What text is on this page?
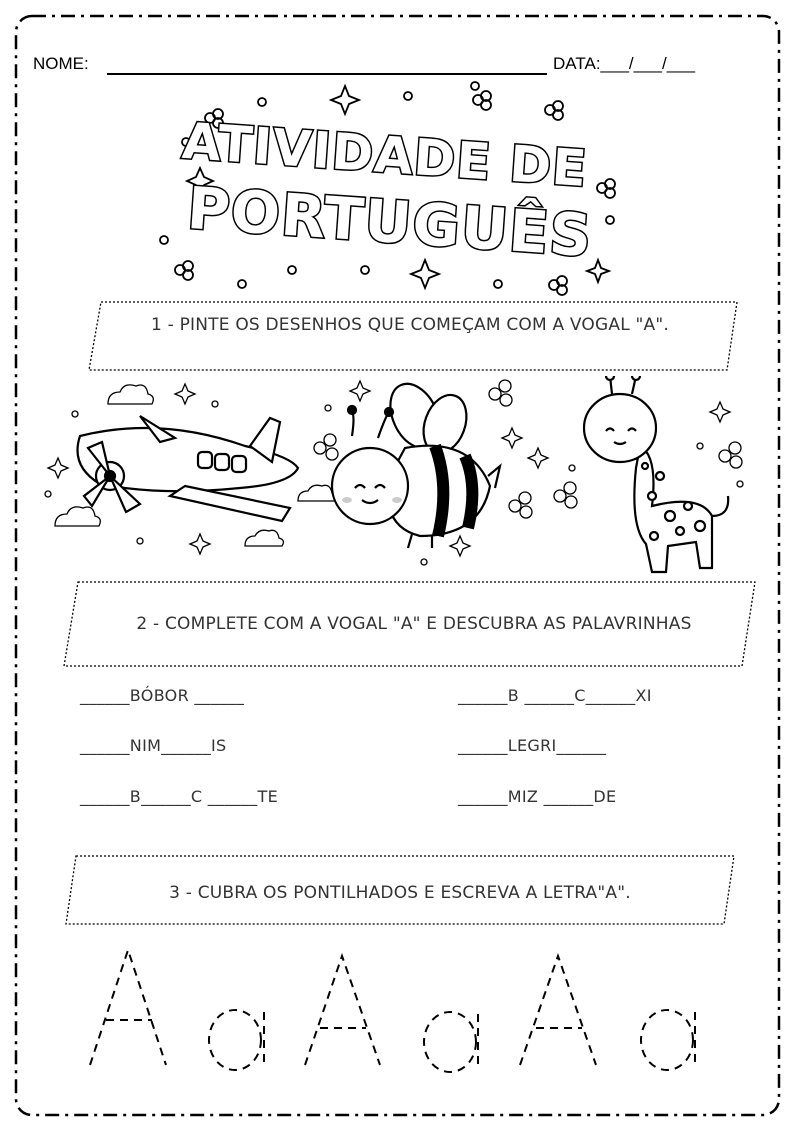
NOME:	DATA:___/___/___
ATIVIDADE DE
PORTUGUÊS
1 - PINTE OS DESENHOS QUE COMEÇAM COM A VOGAL "A".
2 - COMPLETE COM A VOGAL "A" E DESCUBRA AS PALAVRINHAS
______BÓBOR ______
______NIM______IS
______B______C ______TE
______B ______C______XI
______LEGRI______
______MIZ ______DE
3 - CUBRA OS PONTILHADOS E ESCREVA A LETRA"A".
